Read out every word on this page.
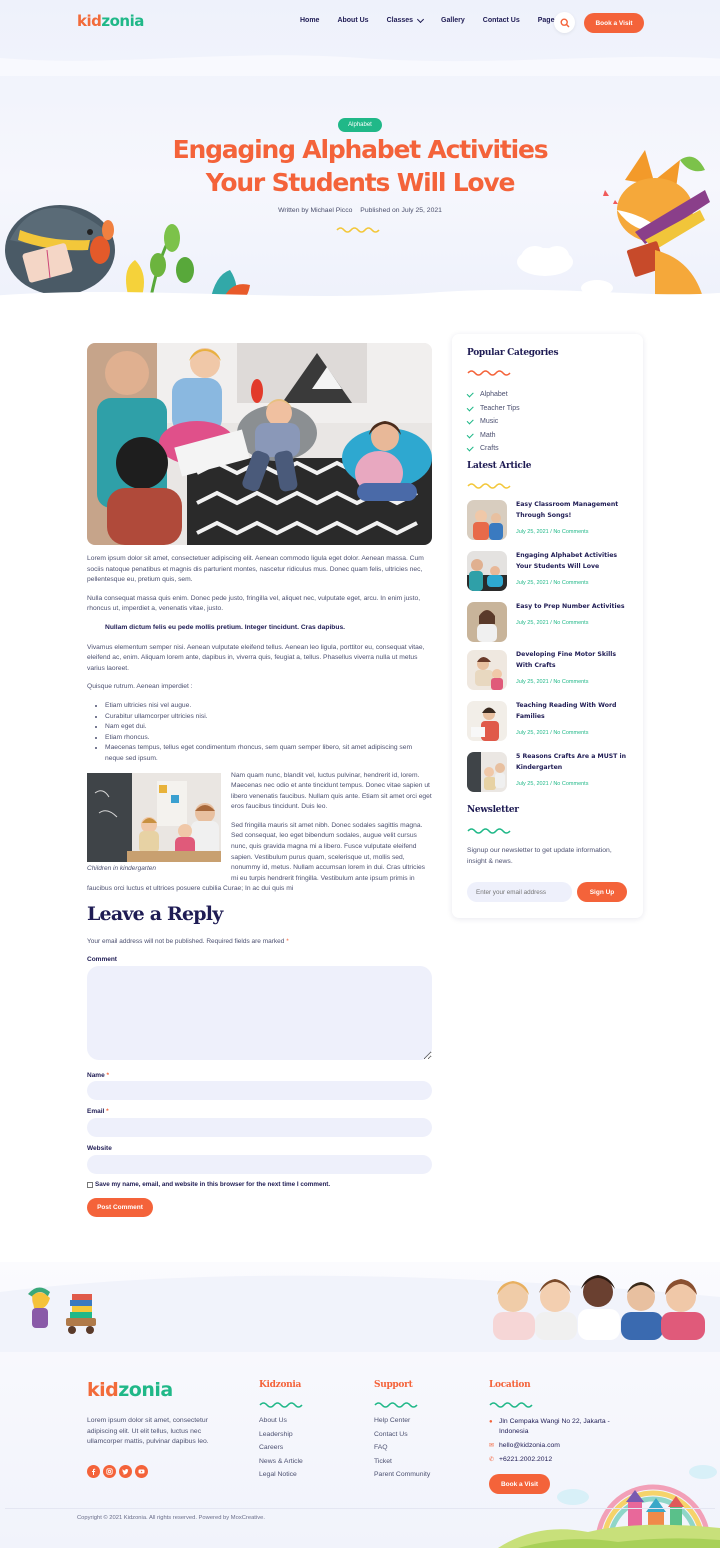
kidzonia	Home	About Us	Classes	Gallery	Contact Us	Page	Book a Visit
Alphabet
Engaging Alphabet Activities
Your Students Will Love
Written by Michael Picco Published on July 25, 2021

Lorem ipsum dolor sit amet, consectetuer adipiscing elit. Aenean commodo ligula eget dolor. Aenean massa. Cum sociis natoque penatibus et magnis dis parturient montes, nascetur ridiculus mus. Donec quam felis, ultricies nec, pellentesque eu, pretium quis, sem.

Nulla consequat massa quis enim. Donec pede justo, fringilla vel, aliquet nec, vulputate eget, arcu. In enim justo, rhoncus ut, imperdiet a, venenatis vitae, justo.

Nullam dictum felis eu pede mollis pretium. Integer tincidunt. Cras dapibus.

Vivamus elementum semper nisi. Aenean vulputate eleifend tellus. Aenean leo ligula, porttitor eu, consequat vitae, eleifend ac, enim. Aliquam lorem ante, dapibus in, viverra quis, feugiat a, tellus. Phasellus viverra nulla ut metus varius laoreet.

Quisque rutrum. Aenean imperdiet :

• Etiam ultricies nisi vel augue.
• Curabitur ullamcorper ultricies nisi.
• Nam eget dui.
• Etiam rhoncus.
• Maecenas tempus, tellus eget condimentum rhoncus, sem quam semper libero, sit amet adipiscing sem neque sed ipsum.
Children in kindergarten

Nam quam nunc, blandit vel, luctus pulvinar, hendrerit id, lorem. Maecenas nec odio et ante tincidunt tempus. Donec vitae sapien ut libero venenatis faucibus. Nullam quis ante. Etiam sit amet orci eget eros faucibus tincidunt. Duis leo.

Sed fringilla mauris sit amet nibh. Donec sodales sagittis magna. Sed consequat, leo eget bibendum sodales, augue velit cursus nunc, quis gravida magna mi a libero. Fusce vulputate eleifend sapien. Vestibulum purus quam, scelerisque ut, mollis sed, nonummy id, metus. Nullam accumsan lorem in dui. Cras ultricies mi eu turpis hendrerit fringilla. Vestibulum ante ipsum primis in faucibus orci luctus et ultrices posuere cubilia Curae; In ac dui quis mi

Leave a Reply
Your email address will not be published. Required fields are marked *
Comment
Name *
Email *
Website
Save my name, email, and website in this browser for the next time I comment.
Post Comment
Popular Categories
Alphabet
Teacher Tips
Music
Math
Crafts
Latest Article
Easy Classroom Management Through Songs!
July 25, 2021 / No Comments
Engaging Alphabet Activities Your Students Will Love
July 25, 2021 / No Comments
Easy to Prep Number Activities
July 25, 2021 / No Comments
Developing Fine Motor Skills With Crafts
July 25, 2021 / No Comments
Teaching Reading With Word Families
July 25, 2021 / No Comments
5 Reasons Crafts Are a MUST in Kindergarten
July 25, 2021 / No Comments
Newsletter
Signup our newsletter to get update information, insight & news.
Enter your email address
Sign Up
kidzonia
Lorem ipsum dolor sit amet, consectetur adipiscing elit. Ut elit tellus, luctus nec ullamcorper mattis, pulvinar dapibus leo.
Kidzonia
About Us
Leadership
Careers
News & Article
Legal Notice
Support
Help Center
Contact Us
FAQ
Ticket
Parent Community
Location
● Jln Cempaka Wangi No 22, Jakarta - Indonesia
✉ hello@kidzonia.com
✆ +6221.2002.2012
Book a Visit
Copyright © 2021 Kidzonia. All rights reserved. Powered by MoxCreative.
